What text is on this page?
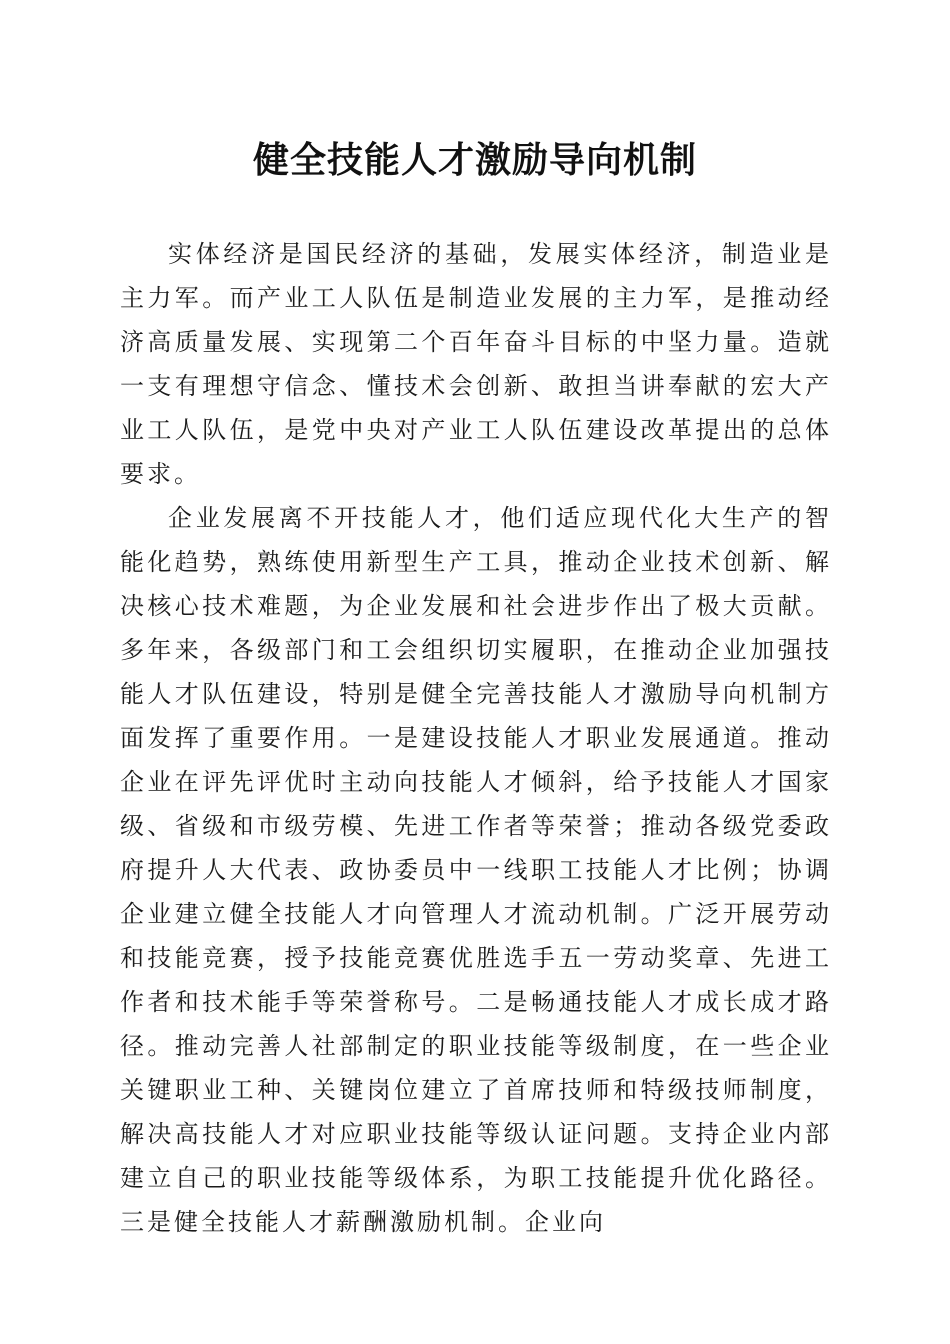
健全技能人才激励导向机制

实体经济是国民经济的基础，发展实体经济，制造业是主力军。而产业工人队伍是制造业发展的主力军，是推动经济高质量发展、实现第二个百年奋斗目标的中坚力量。造就一支有理想守信念、懂技术会创新、敢担当讲奉献的宏大产业工人队伍，是党中央对产业工人队伍建设改革提出的总体要求。

企业发展离不开技能人才，他们适应现代化大生产的智能化趋势，熟练使用新型生产工具，推动企业技术创新、解决核心技术难题，为企业发展和社会进步作出了极大贡献。多年来，各级部门和工会组织切实履职，在推动企业加强技能人才队伍建设，特别是健全完善技能人才激励导向机制方面发挥了重要作用。一是建设技能人才职业发展通道。推动企业在评先评优时主动向技能人才倾斜，给予技能人才国家级、省级和市级劳模、先进工作者等荣誉；推动各级党委政府提升人大代表、政协委员中一线职工技能人才比例；协调企业建立健全技能人才向管理人才流动机制。广泛开展劳动和技能竞赛，授予技能竞赛优胜选手五一劳动奖章、先进工作者和技术能手等荣誉称号。二是畅通技能人才成长成才路径。推动完善人社部制定的职业技能等级制度，在一些企业关键职业工种、关键岗位建立了首席技师和特级技师制度，解决高技能人才对应职业技能等级认证问题。支持企业内部建立自己的职业技能等级体系，为职工技能提升优化路径。三是健全技能人才薪酬激励机制。企业向
